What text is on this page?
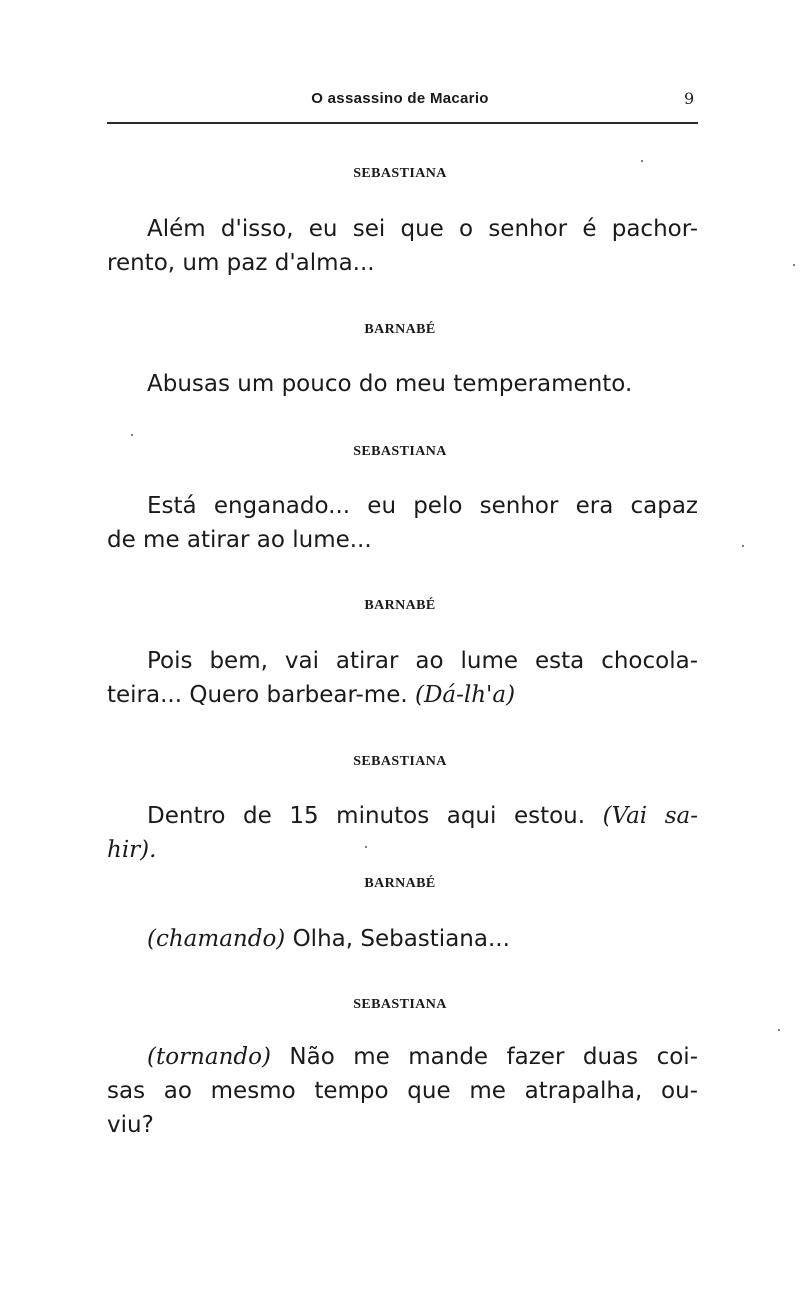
O assassino de Macario	9
SEBASTIANA
Além d'isso, eu sei que o senhor é pachor-
rento, um paz d'alma...
BARNABÉ
Abusas um pouco do meu temperamento.
SEBASTIANA
Está enganado... eu pelo senhor era capaz
de me atirar ao lume...
BARNABÉ
Pois bem, vai atirar ao lume esta chocola-
teira... Quero barbear-me. (Dá-lh'a)
SEBASTIANA
Dentro de 15 minutos aqui estou. (Vai sa-
hir).
BARNABÉ
(chamando) Olha, Sebastiana...
SEBASTIANA
(tornando) Não me mande fazer duas coi-
sas ao mesmo tempo que me atrapalha, ou-
viu?
